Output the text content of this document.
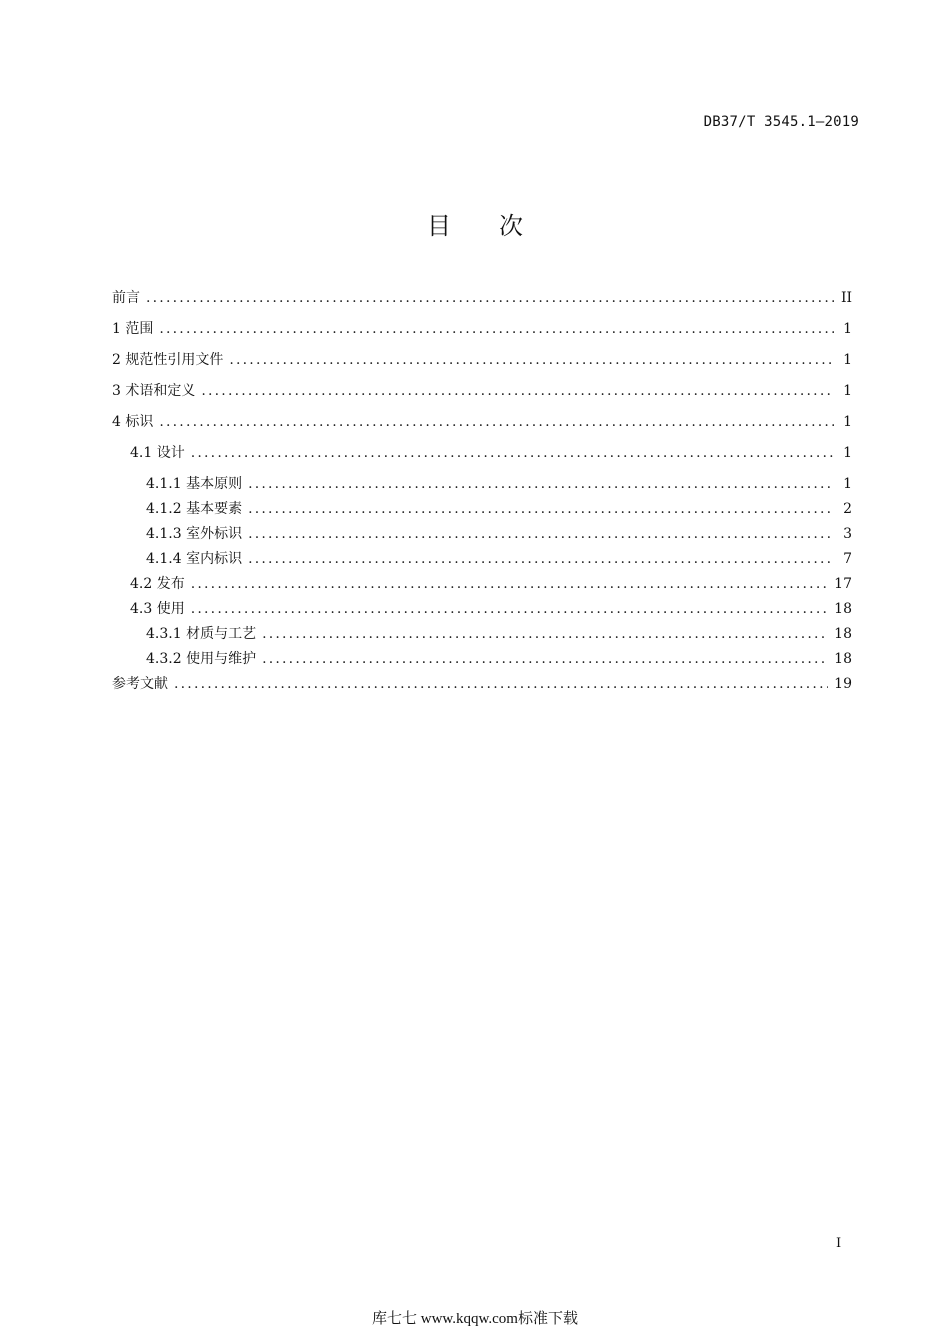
DB37/T 3545.1—2019
目 次
前言 .....	II
1 范围 .....	1
2 规范性引用文件 .....	1
3 术语和定义 .....	1
4 标识 .....	1
4.1 设计 .....	1
4.1.1 基本原则 .....	1
4.1.2 基本要素 .....	2
4.1.3 室外标识 .....	3
4.1.4 室内标识 .....	7
4.2 发布 .....	17
4.3 使用 .....	18
4.3.1 材质与工艺 .....	18
4.3.2 使用与维护 .....	18
参考文献 .....	19
I
库七七 www.kqqw.com标准下载
